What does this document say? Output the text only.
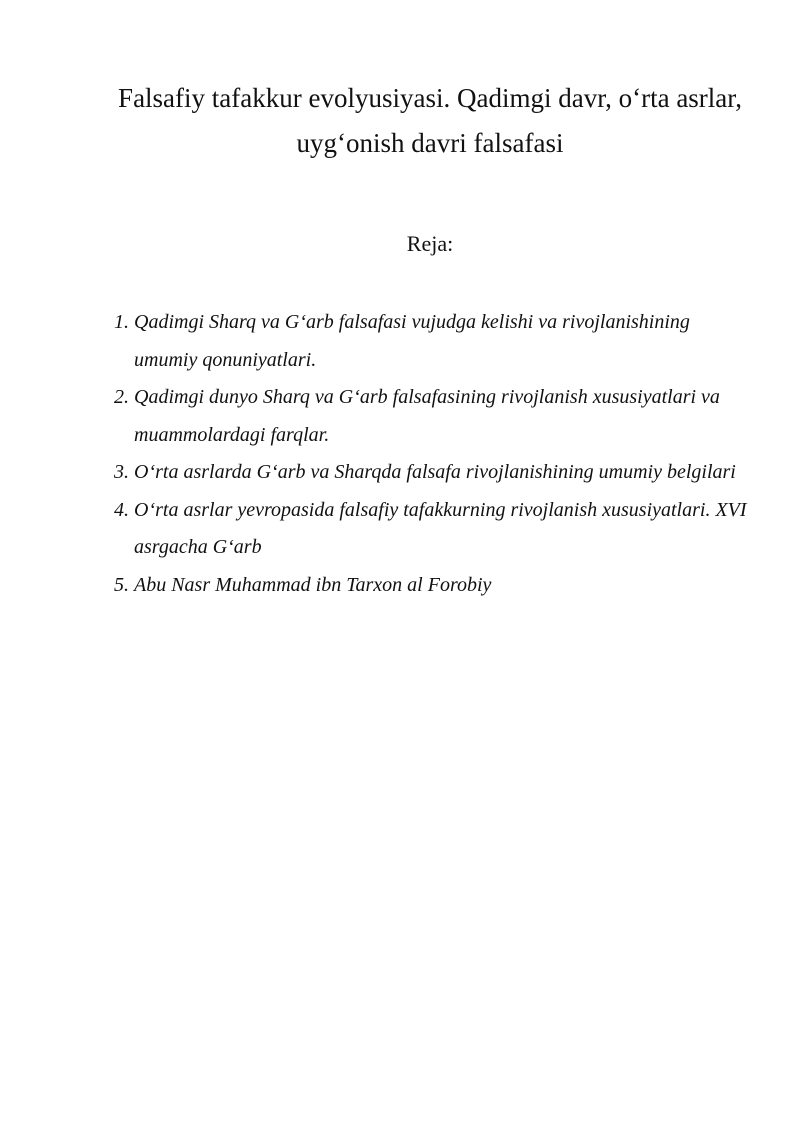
Falsafiy tafakkur evolyusiyasi. Qadimgi davr, o‘rta asrlar, uyg‘onish davri falsafasi

Reja:

1. Qadimgi Sharq va G‘arb falsafasi vujudga kelishi va rivojlanishining umumiy qonuniyatlari.
2. Qadimgi dunyo Sharq va G‘arb falsafasining rivojlanish xususiyatlari va muammolardagi farqlar.
3. O‘rta asrlarda G‘arb va Sharqda falsafa rivojlanishining umumiy belgilari
4. O‘rta asrlar yevropasida falsafiy tafakkurning rivojlanish xususiyatlari. XVI asrgacha G‘arb
5. Abu Nasr Muhammad ibn Tarxon al Forobiy
